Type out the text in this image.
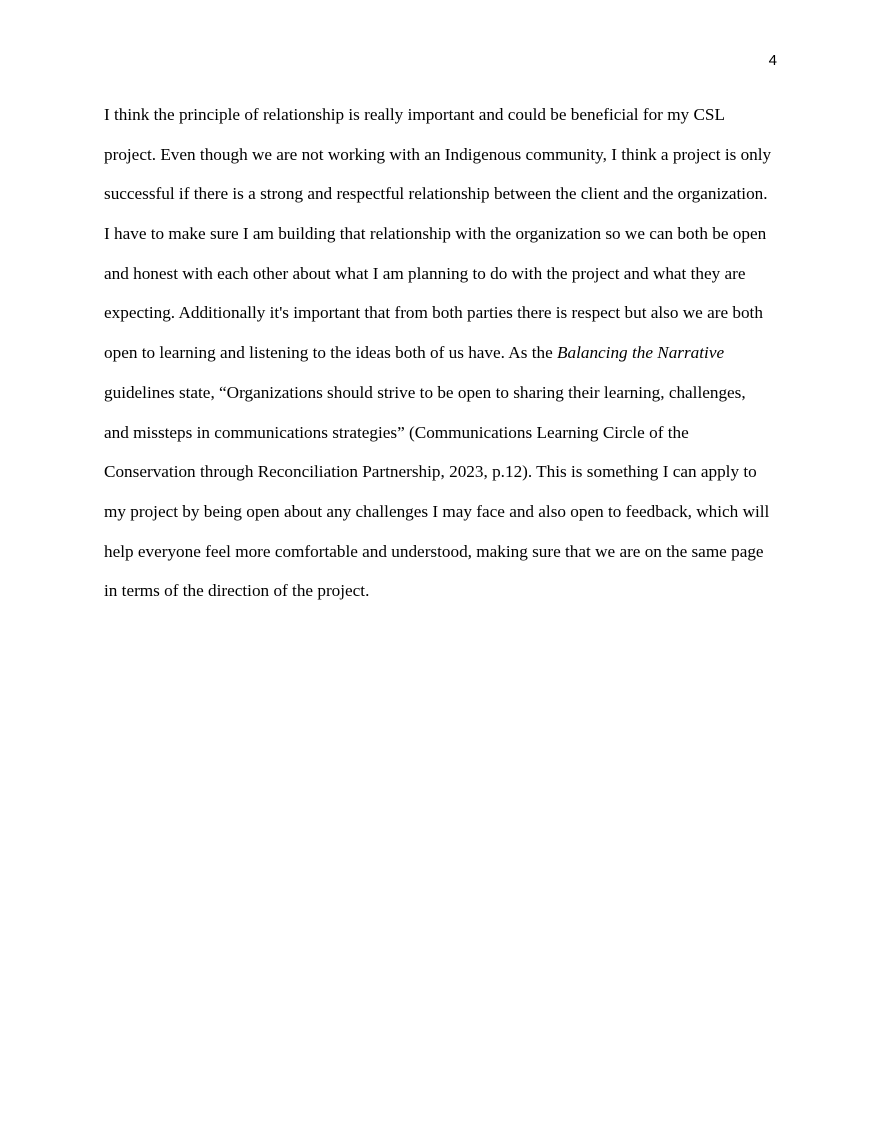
4
I think the principle of relationship is really important and could be beneficial for my CSL
project. Even though we are not working with an Indigenous community, I think a project is only
successful if there is a strong and respectful relationship between the client and the organization.
I have to make sure I am building that relationship with the organization so we can both be open
and honest with each other about what I am planning to do with the project and what they are
expecting. Additionally it's important that from both parties there is respect but also we are both
open to learning and listening to the ideas both of us have. As the Balancing the Narrative
guidelines state, “Organizations should strive to be open to sharing their learning, challenges,
and missteps in communications strategies” (Communications Learning Circle of the
Conservation through Reconciliation Partnership, 2023, p.12). This is something I can apply to
my project by being open about any challenges I may face and also open to feedback, which will
help everyone feel more comfortable and understood, making sure that we are on the same page
in terms of the direction of the project.
